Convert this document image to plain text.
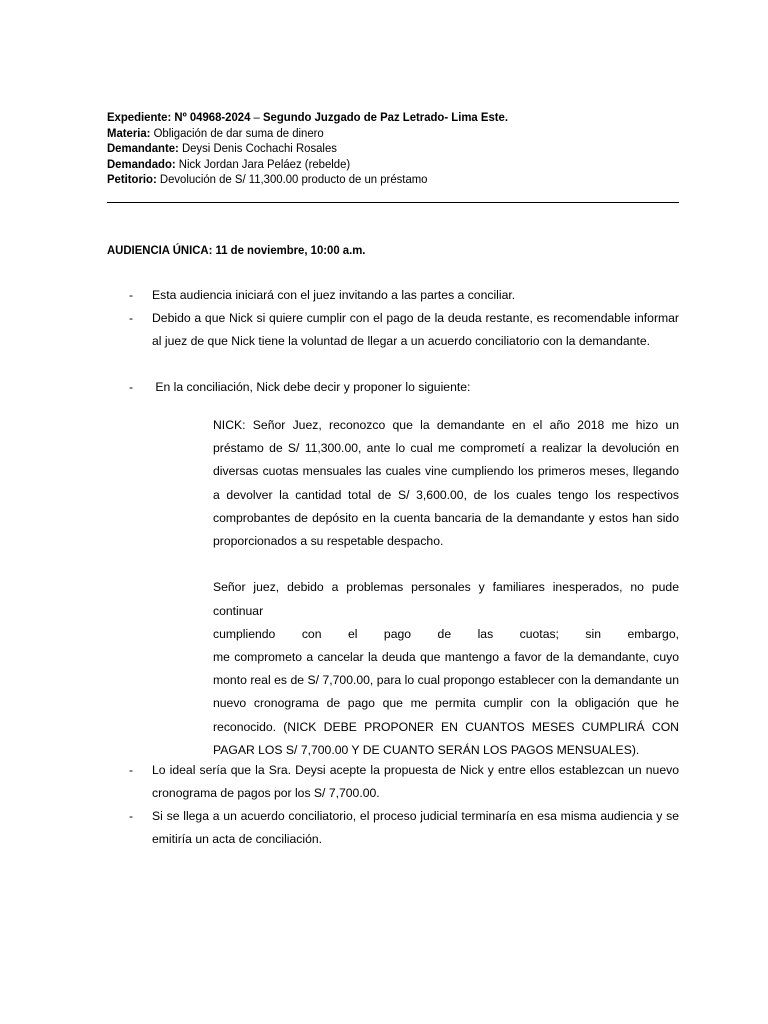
Expediente: Nº 04968-2024 – Segundo Juzgado de Paz Letrado- Lima Este.
Materia: Obligación de dar suma de dinero
Demandante: Deysi Denis Cochachi Rosales
Demandado: Nick Jordan Jara Peláez (rebelde)
Petitorio: Devolución de S/ 11,300.00 producto de un préstamo
AUDIENCIA ÚNICA: 11 de noviembre, 10:00 a.m.
- Esta audiencia iniciará con el juez invitando a las partes a conciliar.
- Debido a que Nick si quiere cumplir con el pago de la deuda restante, es recomendable informar al juez de que Nick tiene la voluntad de llegar a un acuerdo conciliatorio con la demandante.
- En la conciliación, Nick debe decir y proponer lo siguiente:

NICK: Señor Juez, reconozco que la demandante en el año 2018 me hizo un préstamo de S/ 11,300.00, ante lo cual me comprometí a realizar la devolución en diversas cuotas mensuales las cuales vine cumpliendo los primeros meses, llegando a devolver la cantidad total de S/ 3,600.00, de los cuales tengo los respectivos comprobantes de depósito en la cuenta bancaria de la demandante y estos han sido proporcionados a su respetable despacho.

Señor juez, debido a problemas personales y familiares inesperados, no pude continuar
cumpliendo con el pago de las cuotas; sin embargo,

me comprometo a cancelar la deuda que mantengo a favor de la demandante, cuyo monto real es de S/ 7,700.00, para lo cual propongo establecer con la demandante un nuevo cronograma de pago que me permita cumplir con la obligación que he reconocido. (NICK DEBE PROPONER EN CUANTOS MESES CUMPLIRÁ CON PAGAR LOS S/ 7,700.00 Y DE CUANTO SERÁN LOS PAGOS MENSUALES).

- Lo ideal sería que la Sra. Deysi acepte la propuesta de Nick y entre ellos establezcan un nuevo cronograma de pagos por los S/ 7,700.00.
- Si se llega a un acuerdo conciliatorio, el proceso judicial terminaría en esa misma audiencia y se emitiría un acta de conciliación.
